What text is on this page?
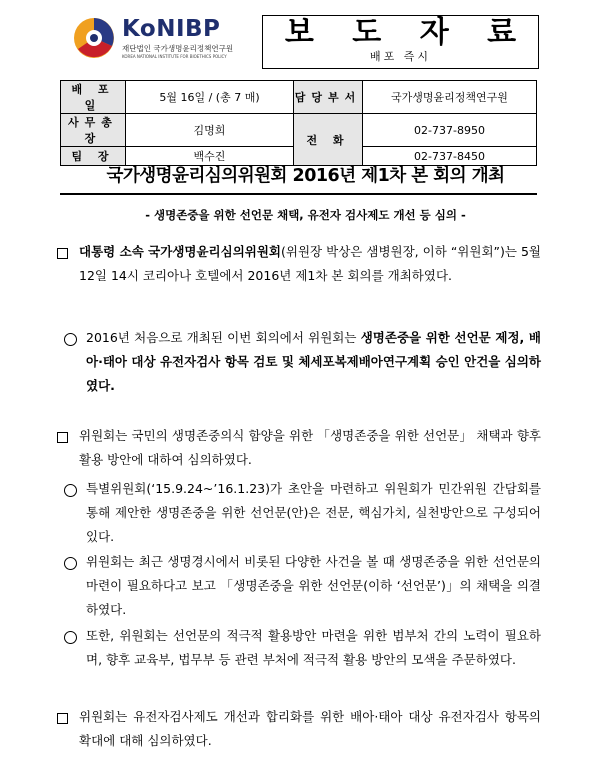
KoNIBP
재단법인 국가생명윤리정책연구원
KOREA NATIONAL INSTITUTE FOR BIOETHICS POLICY
보 도 자 료
배포 즉시
배 포 일	5월 16일 / (총 7 매)	담당부서	국가생명윤리정책연구원
사무총장	김명희	전 화	02-737-8950
팀 장	백수진		02-737-8450
국가생명윤리심의위원회 2016년 제1차 본 회의 개최
- 생명존중을 위한 선언문 채택, 유전자 검사제도 개선 등 심의 -
대통령 소속 국가생명윤리심의위원회(위원장 박상은 샘병원장, 이하 “위원회”)는 5월 12일 14시 코리아나 호텔에서 2016년 제1차 본 회의를 개최하였다.
2016년 처음으로 개최된 이번 회의에서 위원회는 생명존중을 위한 선언문 제정, 배아·태아 대상 유전자검사 항목 검토 및 체세포복제배아연구계획 승인 안건을 심의하였다.
위원회는 국민의 생명존중의식 함양을 위한 「생명존중을 위한 선언문」 채택과 향후 활용 방안에 대하여 심의하였다.
특별위원회(‘15.9.24~’16.1.23)가 초안을 마련하고 위원회가 민간위원 간담회를 통해 제안한 생명존중을 위한 선언문(안)은 전문, 핵심가치, 실천방안으로 구성되어 있다.
위원회는 최근 생명경시에서 비롯된 다양한 사건을 볼 때 생명존중을 위한 선언문의 마련이 필요하다고 보고 「생명존중을 위한 선언문(이하 ‘선언문’)」의 채택을 의결하였다.
또한, 위원회는 선언문의 적극적 활용방안 마련을 위한 범부처 간의 노력이 필요하며, 향후 교육부, 법무부 등 관련 부처에 적극적 활용 방안의 모색을 주문하였다.
위원회는 유전자검사제도 개선과 합리화를 위한 배아·태아 대상 유전자검사 항목의 확대에 대해 심의하였다.
